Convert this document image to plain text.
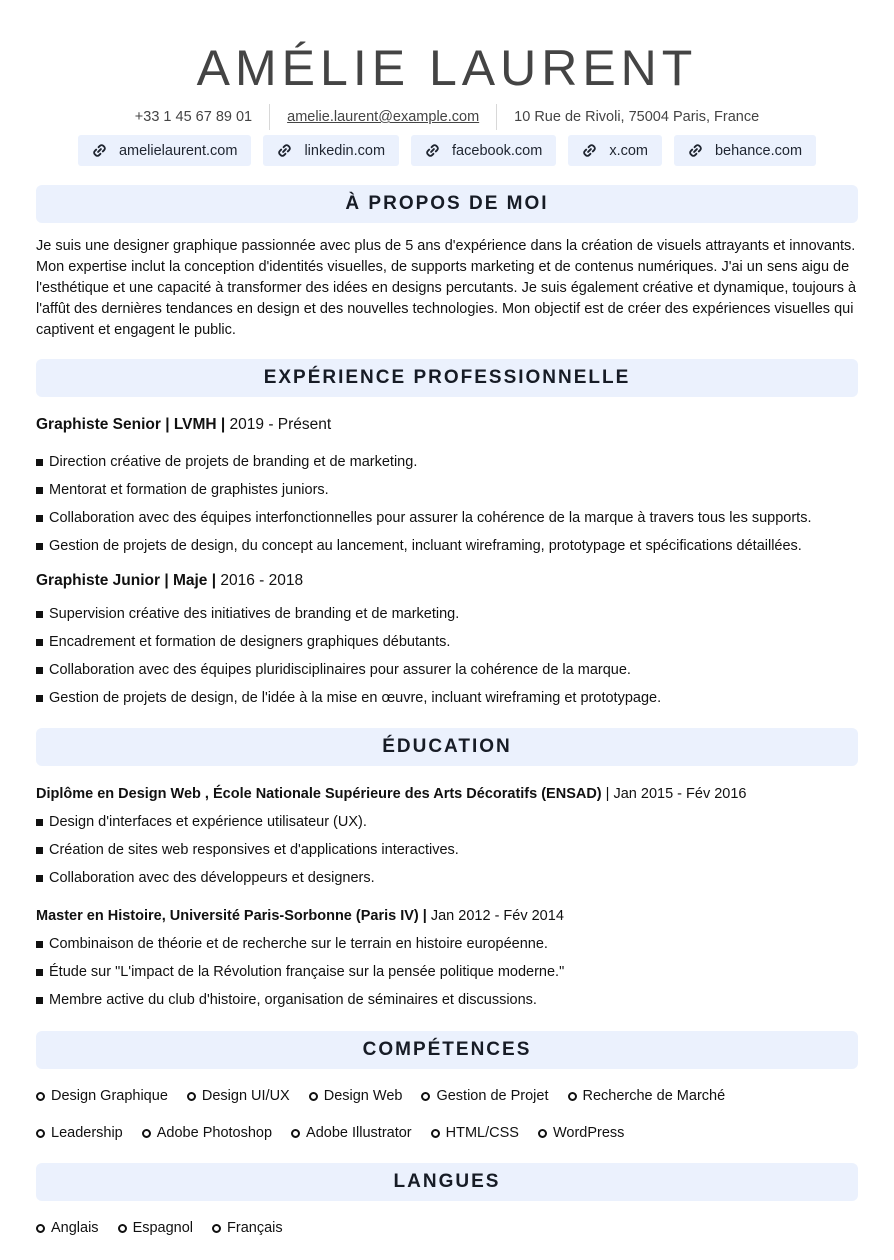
AMÉLIE LAURENT
+33 1 45 67 89 01	amelie.laurent@example.com	10 Rue de Rivoli, 75004 Paris, France
amelielaurent.com	linkedin.com	facebook.com	x.com	behance.com
À PROPOS DE MOI

Je suis une designer graphique passionnée avec plus de 5 ans d'expérience dans la création de visuels attrayants et innovants. Mon expertise inclut la conception d'identités visuelles, de supports marketing et de contenus numériques. J'ai un sens aigu de l'esthétique et une capacité à transformer des idées en designs percutants. Je suis également créative et dynamique, toujours à l'affût des dernières tendances en design et des nouvelles technologies. Mon objectif est de créer des expériences visuelles qui captivent et engagent le public.

EXPÉRIENCE PROFESSIONNELLE
Graphiste Senior | LVMH | 2019 - Présent
Direction créative de projets de branding et de marketing.
Mentorat et formation de graphistes juniors.
Collaboration avec des équipes interfonctionnelles pour assurer la cohérence de la marque à travers tous les supports.
Gestion de projets de design, du concept au lancement, incluant wireframing, prototypage et spécifications détaillées.
Graphiste Junior | Maje | 2016 - 2018
Supervision créative des initiatives de branding et de marketing.
Encadrement et formation de designers graphiques débutants.
Collaboration avec des équipes pluridisciplinaires pour assurer la cohérence de la marque.
Gestion de projets de design, de l'idée à la mise en œuvre, incluant wireframing et prototypage.
ÉDUCATION
Diplôme en Design Web , École Nationale Supérieure des Arts Décoratifs (ENSAD) | Jan 2015 - Fév 2016
Design d'interfaces et expérience utilisateur (UX).
Création de sites web responsives et d'applications interactives.
Collaboration avec des développeurs et designers.
Master en Histoire, Université Paris-Sorbonne (Paris IV) | Jan 2012 - Fév 2014
Combinaison de théorie et de recherche sur le terrain en histoire européenne.
Étude sur "L'impact de la Révolution française sur la pensée politique moderne."
Membre active du club d'histoire, organisation de séminaires et discussions.
COMPÉTENCES
Design Graphique Design UI/UX Design Web Gestion de Projet Recherche de Marché
Leadership Adobe Photoshop Adobe Illustrator HTML/CSS WordPress
LANGUES
Anglais Espagnol Français
